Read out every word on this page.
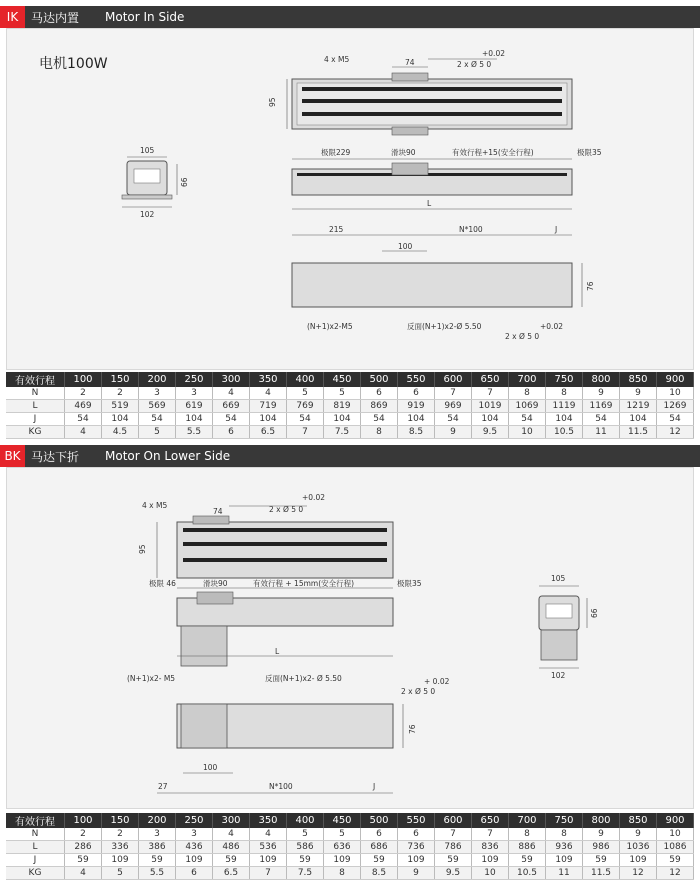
IK	马达内置 Motor In Side
电机100W	4 x M5	74
+0.02
2 x Ø 5 0
95
105
66
102
极限229	滑块90	有效行程+15(安全行程)	极限35
L
215	N*100	J
100
76
(N+1)x2-M5	反面(N+1)x2-Ø 5.50	+0.02
2 x Ø 5 0
有效行程	100	150	200	250	300	350	400	450	500	550	600	650	700	750	800	850	900
N	2	2	3	3	4	4	5	5	6	6	7	7	8	8	9	9	10
L	469	519	569	619	669	719	769	819	869	919	969	1019	1069	1119	1169	1219	1269
J	54	104	54	104	54	104	54	104	54	104	54	104	54	104	54	104	54
KG	4	4.5	5	5.5	6	6.5	7	7.5	8	8.5	9	9.5	10	10.5	11	11.5	12
BK 马达下折 Motor On Lower Side
4 x M5
74
+0.02
2 x Ø 5 0
95
极限 46	滑块90	有效行程 + 15mm(安全行程)	极限35
L
105
66
102
(N+1)x2- M5	反面(N+1)x2- Ø 5.50	+ 0.02
2 x Ø 5 0
76
100
27	N*100	J
有效行程	100	150	200	250	300	350	400	450	500	550	600	650	700	750	800	850	900
N	2	2	3	3	4	4	5	5	6	6	7	7	8	8	9	9	10
L	286	336	386	436	486	536	586	636	686	736	786	836	886	936	986	1036	1086
J	59	109	59	109	59	109	59	109	59	109	59	109	59	109	59	109	59
KG	4	5	5.5	6	6.5	7	7.5	8	8.5	9	9.5	10	10.5	11	11.5	12	12
